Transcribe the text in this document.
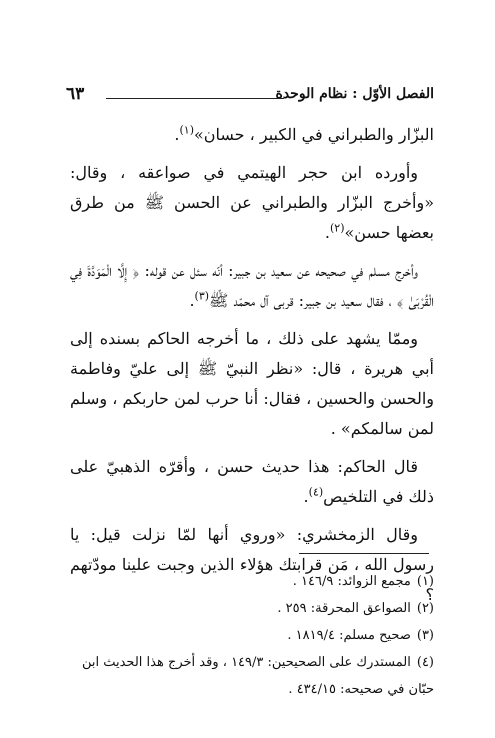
الفصل الأوّل : نظام الوحدة
٦٣

البزّار والطبراني في الكبير ، حسان»$^{(١)}$.

وأورده ابن حجر الهيتمي في صواعقه ، وقال: «وأخرج البزّار والطبراني عن الحسن ﷺ من طرق بعضها حسن»$^{(٢)}$.

وأخرج مسلم في صحيحه عن سعيد بن جبير: أنّه سئل عن قوله: ﴿ إِلَّا الْمَوَدَّةَ فِي الْقُرْبَىٰ ﴾ ، فقال سعيد بن جبير: قربى آل محمّد ﷺ$^{(٣)}$.

وممّا يشهد على ذلك ، ما أخرجه الحاكم بسنده إلى أبي هريرة ، قال: «نظر النبيّ ﷺ إلى عليّ وفاطمة والحسن والحسين ، فقال: أنا حرب لمن حاربكم ، وسلم لمن سالمكم» .

قال الحاكم: هذا حديث حسن ، وأقرّه الذهبيّ على ذلك في التلخيص$^{(٤)}$.

وقال الزمخشري: «وروي أنها لمّا نزلت قيل: يا رسول الله ، مَن قرابتك هؤلاء الذين وجبت علينا مودّتهم ؟

(١)مجمع الزوائد: ١٤٦/٩ .

(٢)الصواعق المحرقة: ٢٥٩ .

(٣)صحيح مسلم: ١٨١٩/٤ .

(٤)المستدرك على الصحيحين: ١٤٩/٣ ، وقد أخرج هذا الحديث ابن حبّان في صحيحه: ٤٣٤/١٥ .
